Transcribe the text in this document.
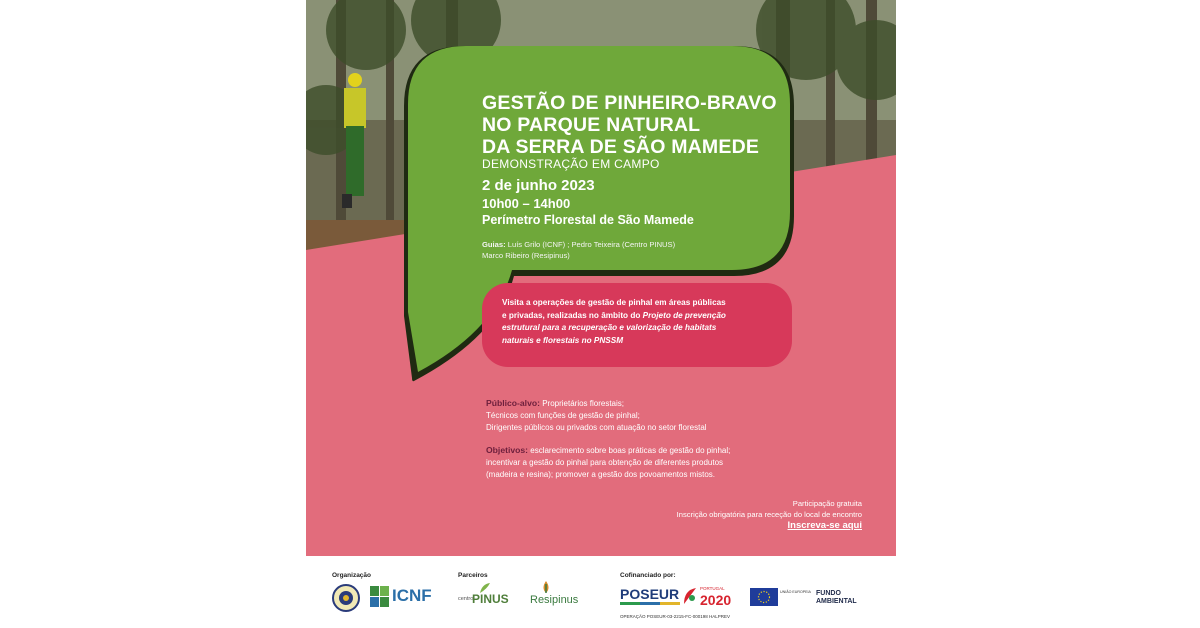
GESTÃO DE PINHEIRO-BRAVO
NO PARQUE NATURAL
DA SERRA DE SÃO MAMEDE
DEMONSTRAÇÃO EM CAMPO
2 de junho 2023
10h00 – 14h00
Perímetro Florestal de São Mamede
Guias: Luís Grilo (ICNF) ; Pedro Teixeira (Centro PINUS)
Marco Ribeiro (Resipinus)
Visita a operações de gestão de pinhal em áreas públicas
e privadas, realizadas no âmbito do Projeto de prevenção
estrutural para a recuperação e valorização de habitats
naturais e florestais no PNSSM
Público-alvo: Proprietários florestais;
Técnicos com funções de gestão de pinhal;
Dirigentes públicos ou privados com atuação no setor florestal
Objetivos: esclarecimento sobre boas práticas de gestão do pinhal;
incentivar a gestão do pinhal para obtenção de diferentes produtos
(madeira e resina); promover a gestão dos povoamentos mistos.
Participação gratuita
Inscrição obrigatória para receção do local de encontro
Inscreva-se aqui
Organização	Parceiros	Cofinanciado por:
ICNF	centro
PINUS Resipinus	POSEUR
OPERAÇÃO POSEUR-03-2215-FC-000198 HALPREV
PORTUGAL
2020	UNIÃO EUROPEIA FUNDO
AMBIENTAL
